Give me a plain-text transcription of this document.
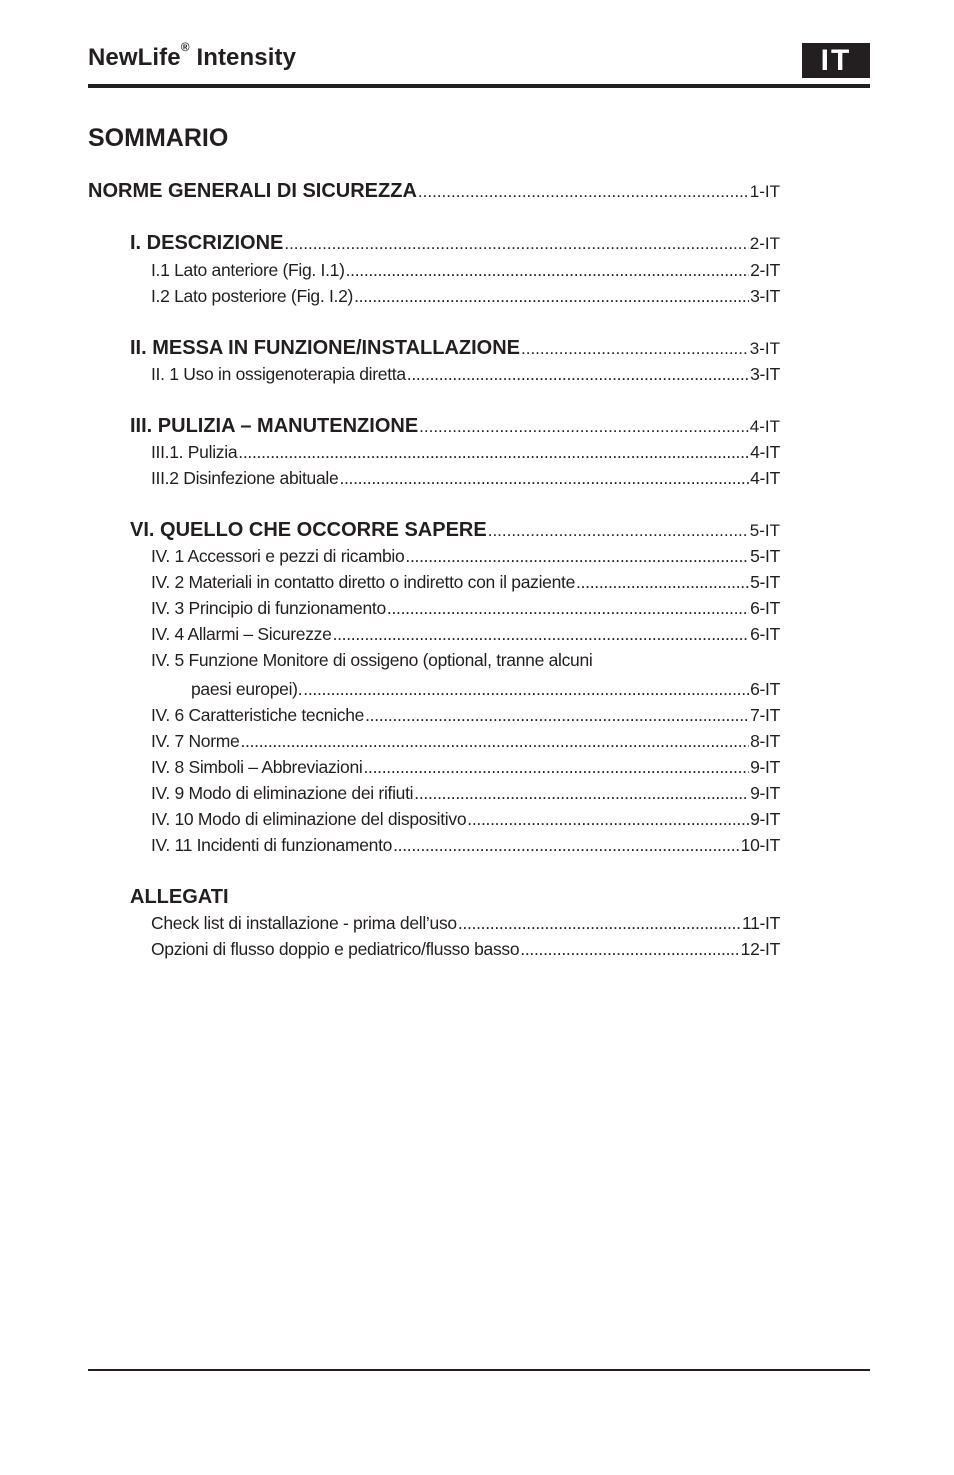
NewLife® Intensity	IT
SOMMARIO
NORME GENERALI DI SICUREZZA .....	1-IT
I. DESCRIZIONE .....	2-IT
I.1 Lato anteriore (Fig. I.1) .....	2-IT
I.2 Lato posteriore (Fig. I.2) .....	3-IT
II. MESSA IN FUNZIONE/INSTALLAZIONE .....	3-IT
II. 1 Uso in ossigenoterapia diretta .....	3-IT
III. PULIZIA – MANUTENZIONE .....	4-IT
III.1. Pulizia .....	4-IT
III.2 Disinfezione abituale .....	4-IT
VI. QUELLO CHE OCCORRE SAPERE .....	5-IT
IV. 1 Accessori e pezzi di ricambio .....	5-IT
IV. 2 Materiali in contatto diretto o indiretto con il paziente .....	5-IT
IV. 3 Principio di funzionamento .....	6-IT
IV. 4 Allarmi – Sicurezze .....	6-IT
IV. 5 Funzione Monitore di ossigeno (optional, tranne alcuni
paesi europei). .....	6-IT
IV. 6 Caratteristiche tecniche .....	7-IT
IV. 7 Norme .....	8-IT
IV. 8 Simboli – Abbreviazioni .....	9-IT
IV. 9 Modo di eliminazione dei rifiuti .....	9-IT
IV. 10 Modo di eliminazione del dispositivo .....	9-IT
IV. 11 Incidenti di funzionamento .....	10-IT
ALLEGATI
Check list di installazione - prima dell’uso .....	11-IT
Opzioni di flusso doppio e pediatrico/flusso basso .....	12-IT
